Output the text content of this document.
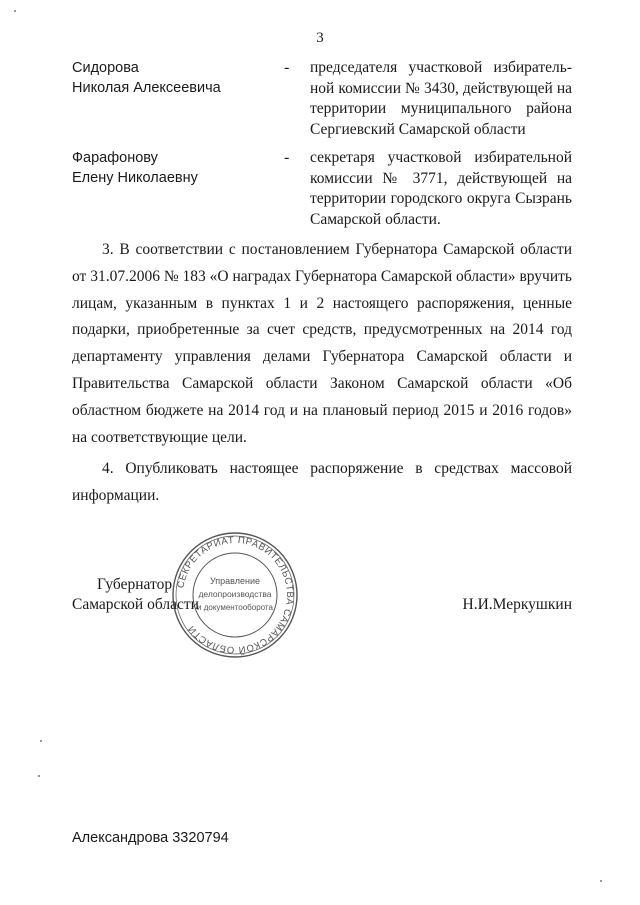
3
Сидорова
Николая Алексеевича
- председателя участковой избирательной комиссии № 3430, действующей на территории муниципального района Сергиевский Самарской области
Фарафонову
Елену Николаевну
- секретаря участковой избирательной комиссии № 3771, действующей на территории городского округа Сызрань Самарской области.
3. В соответствии с постановлением Губернатора Самарской области от 31.07.2006 № 183 «О наградах Губернатора Самарской области» вручить лицам, указанным в пунктах 1 и 2 настоящего распоряжения, ценные подарки, приобретенные за счет средств, предусмотренных на 2014 год департаменту управления делами Губернатора Самарской области и Правительства Самарской области Законом Самарской области «Об областном бюджете на 2014 год и на плановый период 2015 и 2016 годов» на соответствующие цели.
4. Опубликовать настоящее распоряжение в средствах массовой информации.
СЕКРЕТАРИАТ ПРАВИТЕЛЬСТВА САМАРСКОЙ ОБЛАСТИ
Управление
делопроизводства
и документооборота
Губернатор
Самарской области	Н.И.Меркушкин
Александрова 3320794
